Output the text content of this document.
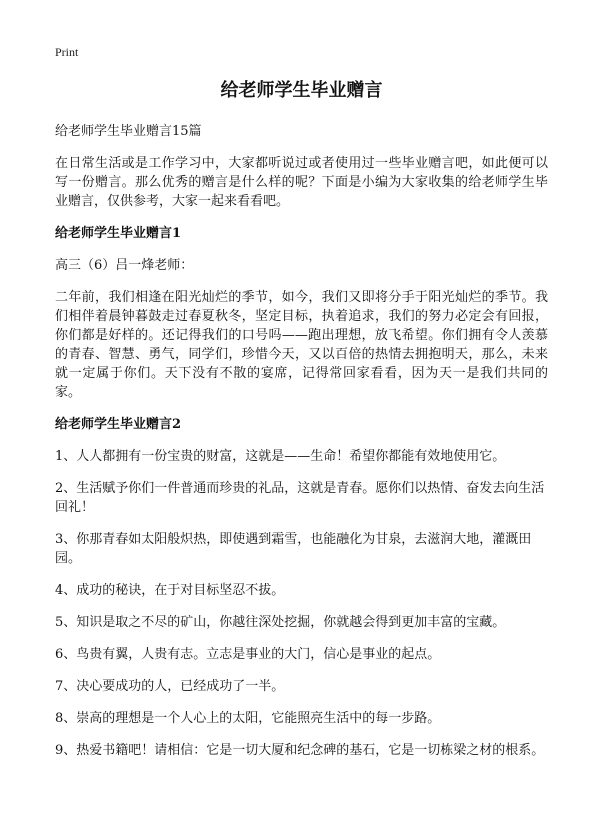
Print
给老师学生毕业赠言
给老师学生毕业赠言15篇
在日常生活或是工作学习中，大家都听说过或者使用过一些毕业赠言吧，如此便可以写一份赠言。那么优秀的赠言是什么样的呢？下面是小编为大家收集的给老师学生毕业赠言，仅供参考，大家一起来看看吧。
给老师学生毕业赠言1
高三（6）吕一烽老师：
二年前，我们相逢在阳光灿烂的季节，如今，我们又即将分手于阳光灿烂的季节。我们相伴着晨钟暮鼓走过春夏秋冬，坚定目标，执着追求，我们的努力必定会有回报，你们都是好样的。还记得我们的口号吗——跑出理想，放飞希望。你们拥有令人羡慕的青春、智慧、勇气，同学们，珍惜今天，又以百倍的热情去拥抱明天，那么，未来就一定属于你们。天下没有不散的宴席，记得常回家看看，因为天一是我们共同的家。
给老师学生毕业赠言2
1、人人都拥有一份宝贵的财富，这就是——生命！希望你都能有效地使用它。
2、生活赋予你们一件普通而珍贵的礼品，这就是青春。愿你们以热情、奋发去向生活回礼！
3、你那青春如太阳般炽热，即使遇到霜雪，也能融化为甘泉，去滋润大地，灌溉田园。
4、成功的秘诀，在于对目标坚忍不拔。
5、知识是取之不尽的矿山，你越往深处挖掘，你就越会得到更加丰富的宝藏。
6、鸟贵有翼，人贵有志。立志是事业的大门，信心是事业的起点。
7、决心要成功的人，已经成功了一半。
8、崇高的理想是一个人心上的太阳，它能照亮生活中的每一步路。
9、热爱书籍吧！请相信：它是一切大厦和纪念碑的基石，它是一切栋梁之材的根系。
